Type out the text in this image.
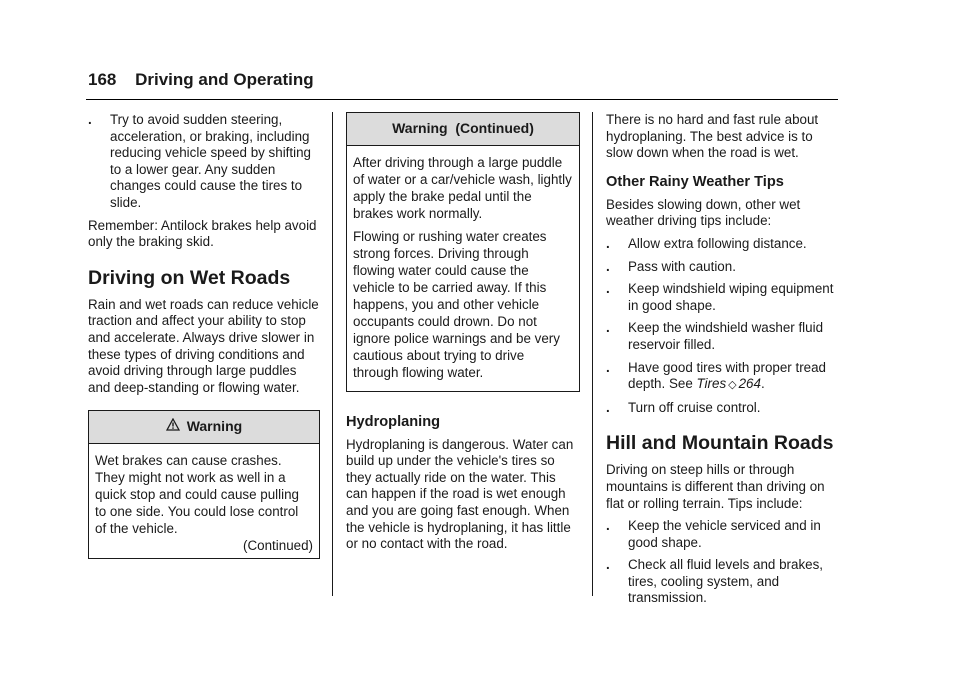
168 Driving and Operating
.	Try to avoid sudden steering, acceleration, or braking, including reducing vehicle speed by shifting to a lower gear. Any sudden changes could cause the tires to slide.

Remember: Antilock brakes help avoid only the braking skid.

Driving on Wet Roads

Rain and wet roads can reduce vehicle traction and affect your ability to stop and accelerate. Always drive slower in these types of driving conditions and avoid driving through large puddles and deep-standing or flowing water.

Warning

Wet brakes can cause crashes. They might not work as well in a quick stop and could cause pulling to one side. You could lose control of the vehicle.

(Continued)
Warning  (Continued)

After driving through a large puddle of water or a car/vehicle wash, lightly apply the brake pedal until the brakes work normally.

Flowing or rushing water creates strong forces. Driving through flowing water could cause the vehicle to be carried away. If this happens, you and other vehicle occupants could drown. Do not ignore police warnings and be very cautious about trying to drive through flowing water.

Hydroplaning

Hydroplaning is dangerous. Water can build up under the vehicle's tires so they actually ride on the water. This can happen if the road is wet enough and you are going fast enough. When the vehicle is hydroplaning, it has little or no contact with the road.

There is no hard and fast rule about hydroplaning. The best advice is to slow down when the road is wet.

Other Rainy Weather Tips

Besides slowing down, other wet weather driving tips include:

.	Allow extra following distance.
.	Pass with caution.
.	Keep windshield wiping equipment in good shape.
.	Keep the windshield washer fluid reservoir filled.
.	Have good tires with proper tread depth. See Tires ◇ 264.
.	Turn off cruise control.
Hill and Mountain Roads

Driving on steep hills or through mountains is different than driving on flat or rolling terrain. Tips include:

.	Keep the vehicle serviced and in good shape.
.	Check all fluid levels and brakes, tires, cooling system, and transmission.
